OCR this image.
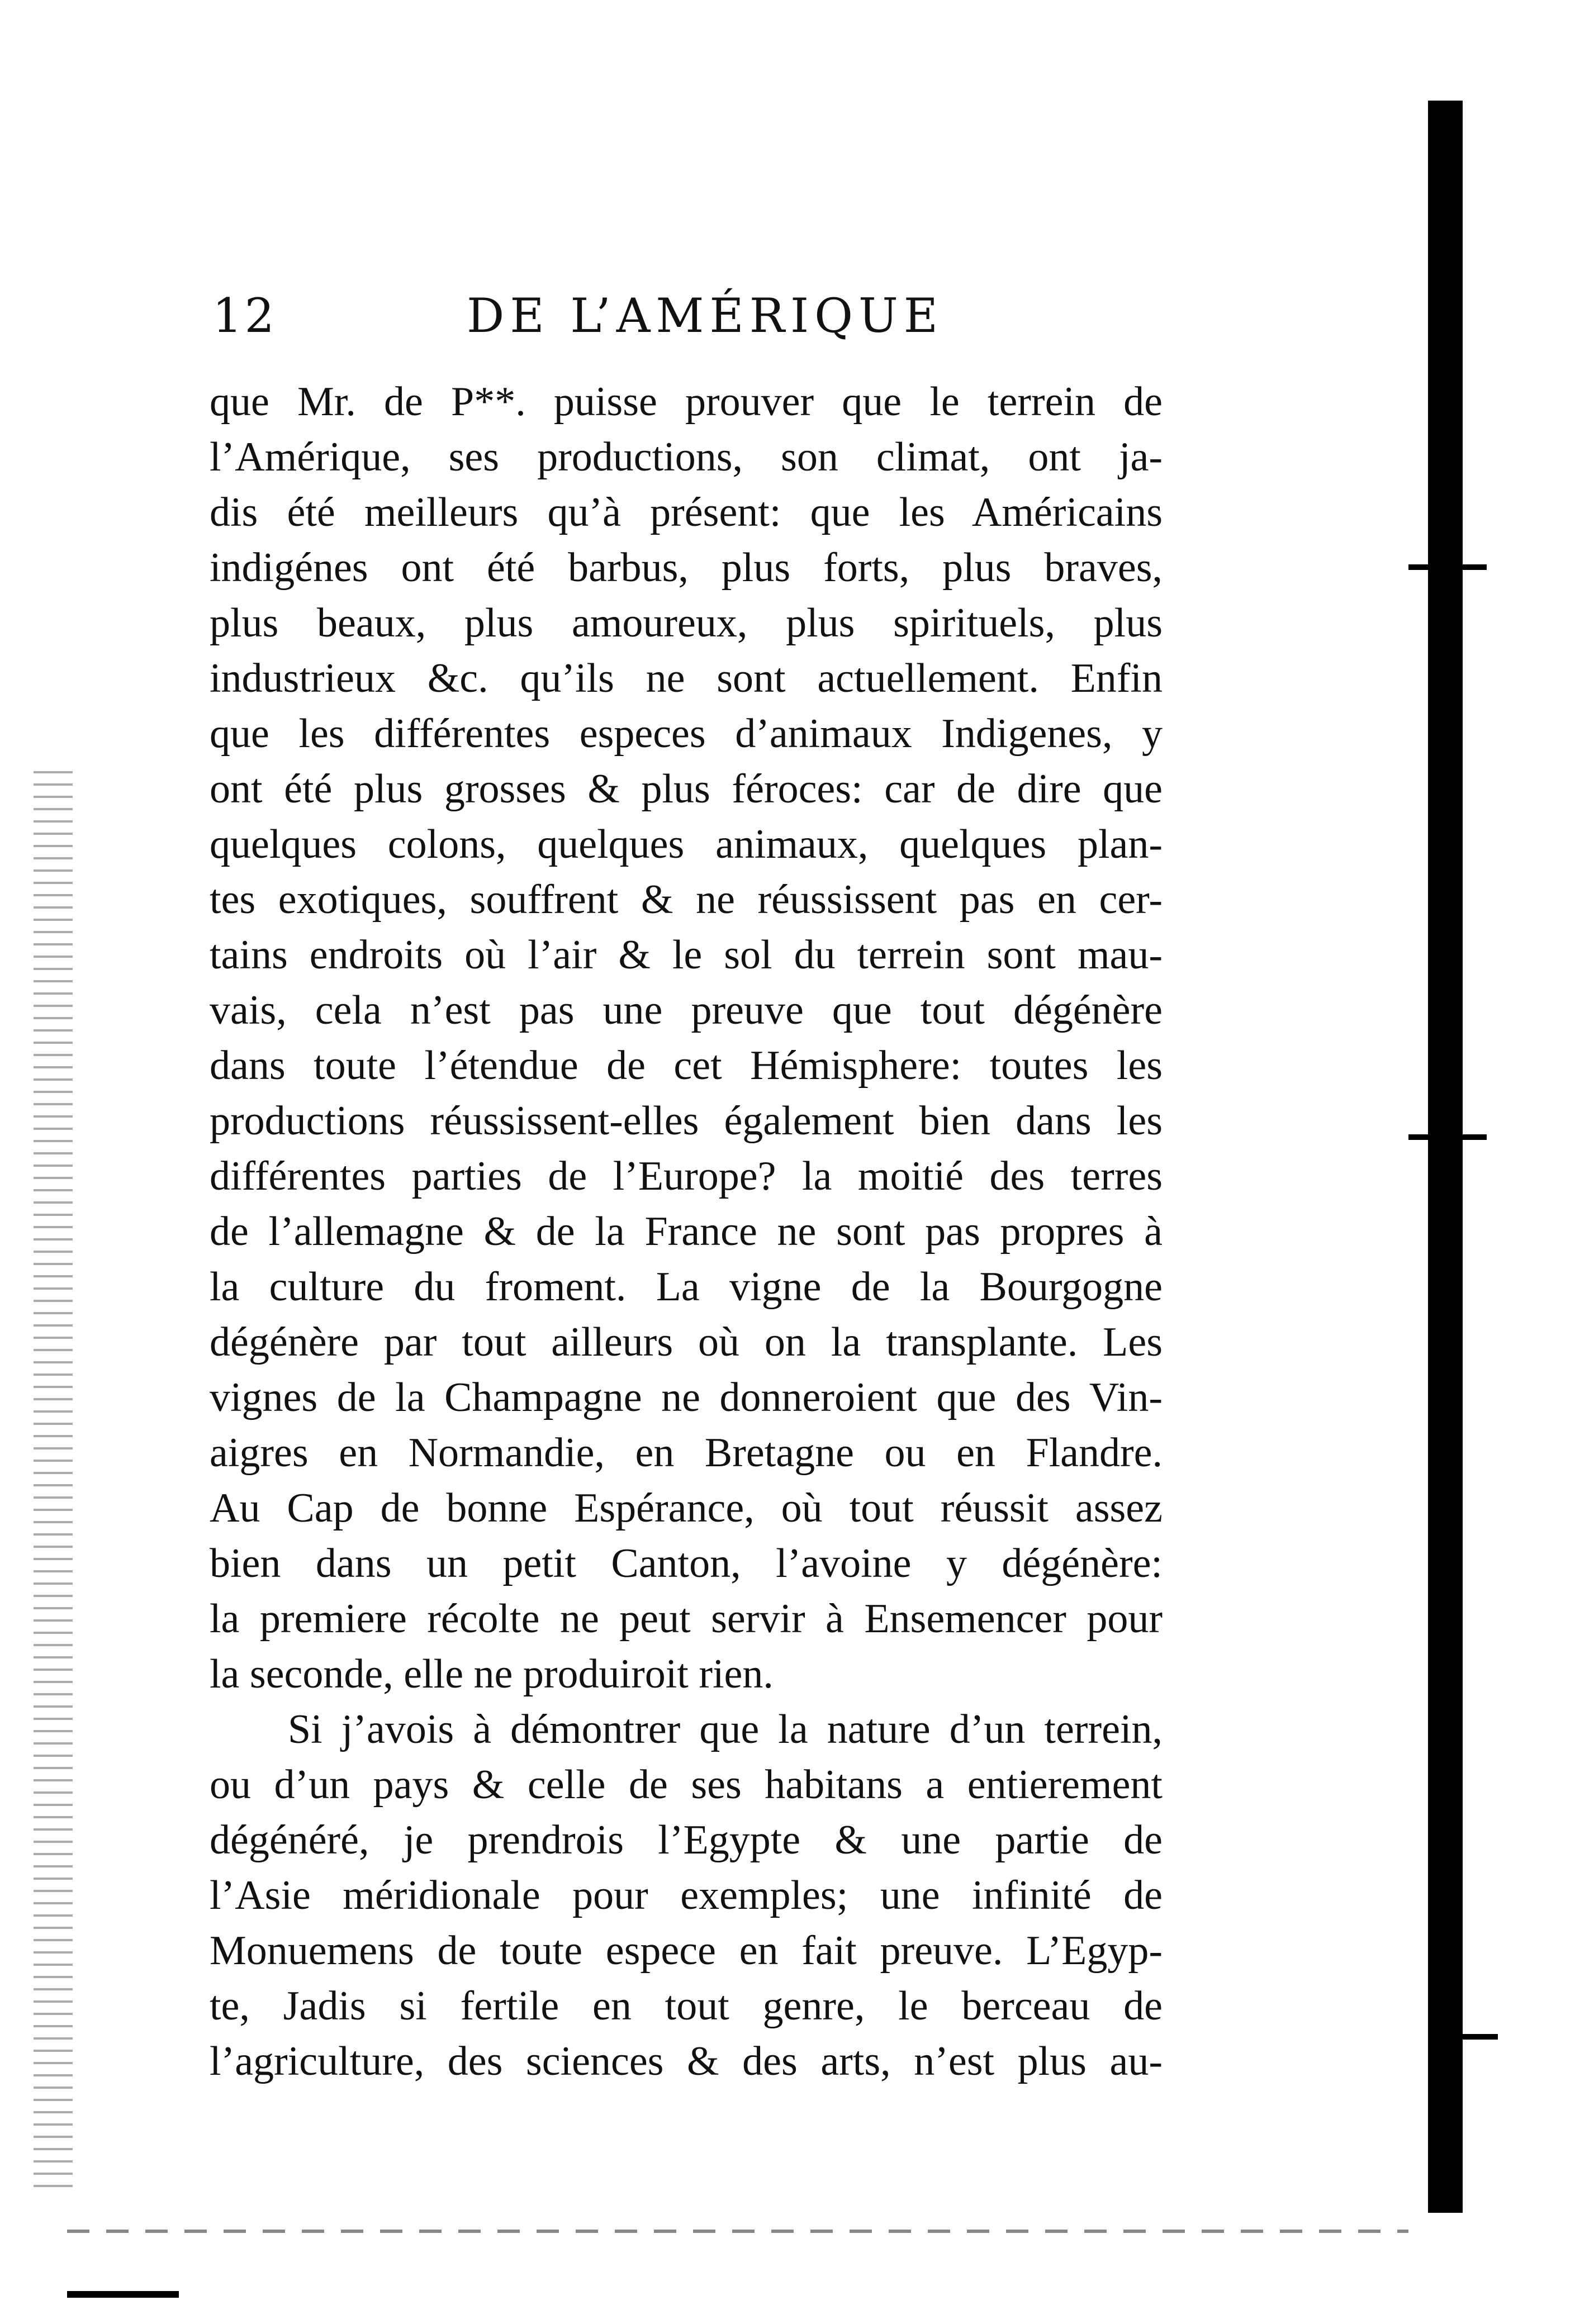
12	DE L’AMÉRIQUE
que Mr. de P**. puisse prouver que le terrein de
l’Amérique, ses productions, son climat, ont ja-
dis été meilleurs qu’à présent: que les Américains
indigénes ont été barbus, plus forts, plus braves,
plus beaux, plus amoureux, plus spirituels, plus
industrieux &c. qu’ils ne sont actuellement. Enfin
que les différentes especes d’animaux Indigenes, y
ont été plus grosses & plus féroces: car de dire que
quelques colons, quelques animaux, quelques plan-
tes exotiques, souffrent & ne réussissent pas en cer-
tains endroits où l’air & le sol du terrein sont mau-
vais, cela n’est pas une preuve que tout dégénère
dans toute l’étendue de cet Hémisphere: toutes les
productions réussissent-elles également bien dans les
différentes parties de l’Europe? la moitié des terres
de l’allemagne & de la France ne sont pas propres à
la culture du froment. La vigne de la Bourgogne
dégénère par tout ailleurs où on la transplante. Les
vignes de la Champagne ne donneroient que des Vin-
aigres en Normandie, en Bretagne ou en Flandre.
Au Cap de bonne Espérance, où tout réussit assez
bien dans un petit Canton, l’avoine y dégénère:
la premiere récolte ne peut servir à Ensemencer pour
la seconde, elle ne produiroit rien.
Si j’avois à démontrer que la nature d’un terrein,
ou d’un pays & celle de ses habitans a entierement
dégénéré, je prendrois l’Egypte & une partie de
l’Asie méridionale pour exemples; une infinité de
Monuemens de toute espece en fait preuve. L’Egyp-
te, Jadis si fertile en tout genre, le berceau de
l’agriculture, des sciences & des arts, n’est plus au-
